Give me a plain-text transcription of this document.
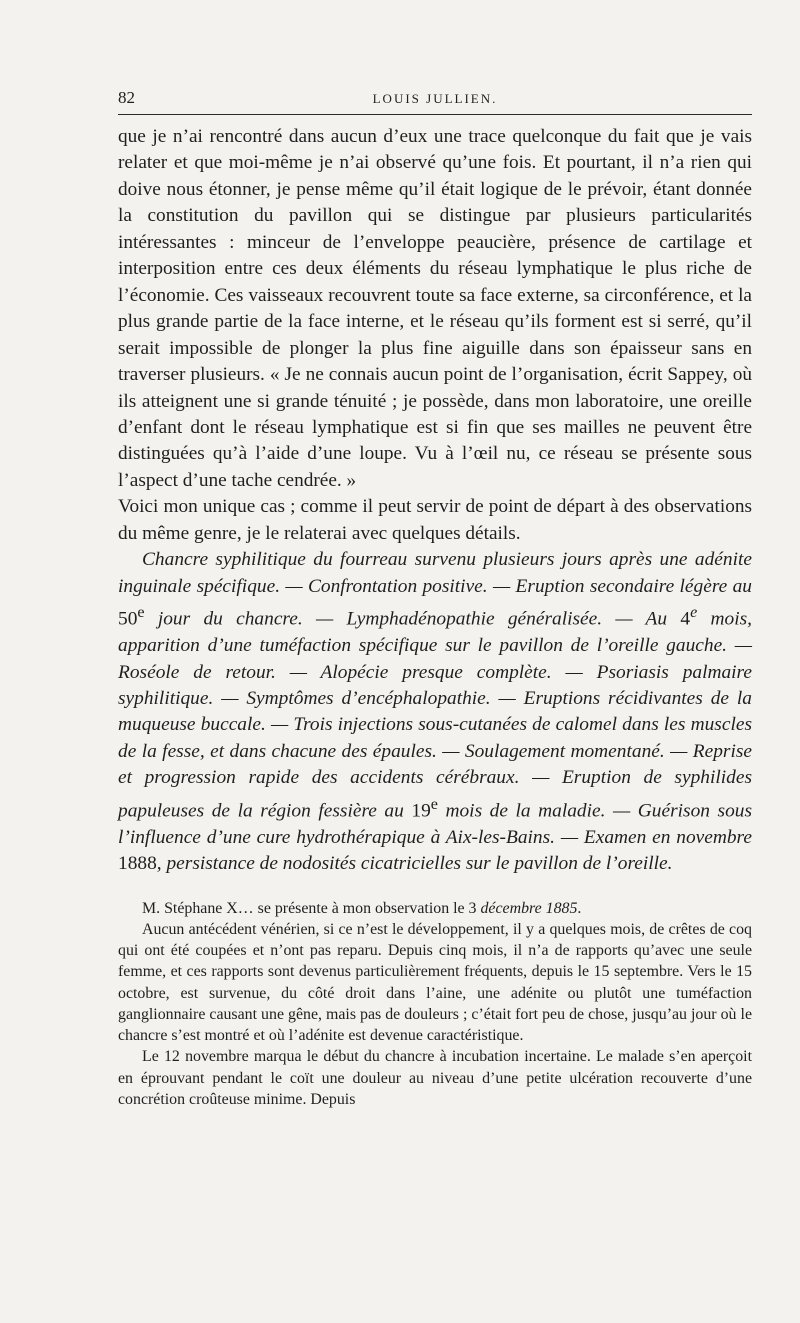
82	LOUIS JULLIEN.

que je n’ai rencontré dans aucun d’eux une trace quelconque du fait que je vais relater et que moi-même je n’ai observé qu’une fois. Et pourtant, il n’a rien qui doive nous étonner, je pense même qu’il était logique de le prévoir, étant donnée la constitution du pavillon qui se distingue par plusieurs particularités intéressantes : minceur de l’enveloppe peaucière, présence de cartilage et interposition entre ces deux éléments du réseau lymphatique le plus riche de l’économie. Ces vaisseaux recouvrent toute sa face externe, sa circonférence, et la plus grande partie de la face interne, et le réseau qu’ils forment est si serré, qu’il serait impossible de plonger la plus fine aiguille dans son épaisseur sans en traverser plusieurs. « Je ne connais aucun point de l’organisation, écrit Sappey, où ils atteignent une si grande ténuité ; je possède, dans mon laboratoire, une oreille d’enfant dont le réseau lymphatique est si fin que ses mailles ne peuvent être distinguées qu’à l’aide d’une loupe. Vu à l’œil nu, ce réseau se présente sous l’aspect d’une tache cendrée. »

Voici mon unique cas ; comme il peut servir de point de départ à des observations du même genre, je le relaterai avec quelques détails.

Chancre syphilitique du fourreau survenu plusieurs jours après une adénite inguinale spécifique. — Confrontation positive. — Eruption secondaire légère au 50e jour du chancre. — Lymphadénopathie généralisée. — Au 4e mois, apparition d’une tuméfaction spécifique sur le pavillon de l’oreille gauche. — Roséole de retour. — Alopécie presque complète. — Psoriasis palmaire syphilitique. — Symptômes d’encéphalopathie. — Eruptions récidivantes de la muqueuse buccale. — Trois injections sous-cutanées de calomel dans les muscles de la fesse, et dans chacune des épaules. — Soulagement momentané. — Reprise et progression rapide des accidents cérébraux. — Eruption de syphilides papuleuses de la région fessière au 19e mois de la maladie. — Guérison sous l’influence d’une cure hydrothérapique à Aix-les-Bains. — Examen en novembre 1888, persistance de nodosités cicatricielles sur le pavillon de l’oreille.

M. Stéphane X… se présente à mon observation le 3 décembre 1885.

Aucun antécédent vénérien, si ce n’est le développement, il y a quelques mois, de crêtes de coq qui ont été coupées et n’ont pas reparu. Depuis cinq mois, il n’a de rapports qu’avec une seule femme, et ces rapports sont devenus particulièrement fréquents, depuis le 15 septembre. Vers le 15 octobre, est survenue, du côté droit dans l’aine, une adénite ou plutôt une tuméfaction ganglionnaire causant une gêne, mais pas de douleurs ; c’était fort peu de chose, jusqu’au jour où le chancre s’est montré et où l’adénite est devenue caractéristique.

Le 12 novembre marqua le début du chancre à incubation incertaine. Le malade s’en aperçoit en éprouvant pendant le coït une douleur au niveau d’une petite ulcération recouverte d’une concrétion croûteuse minime. Depuis
